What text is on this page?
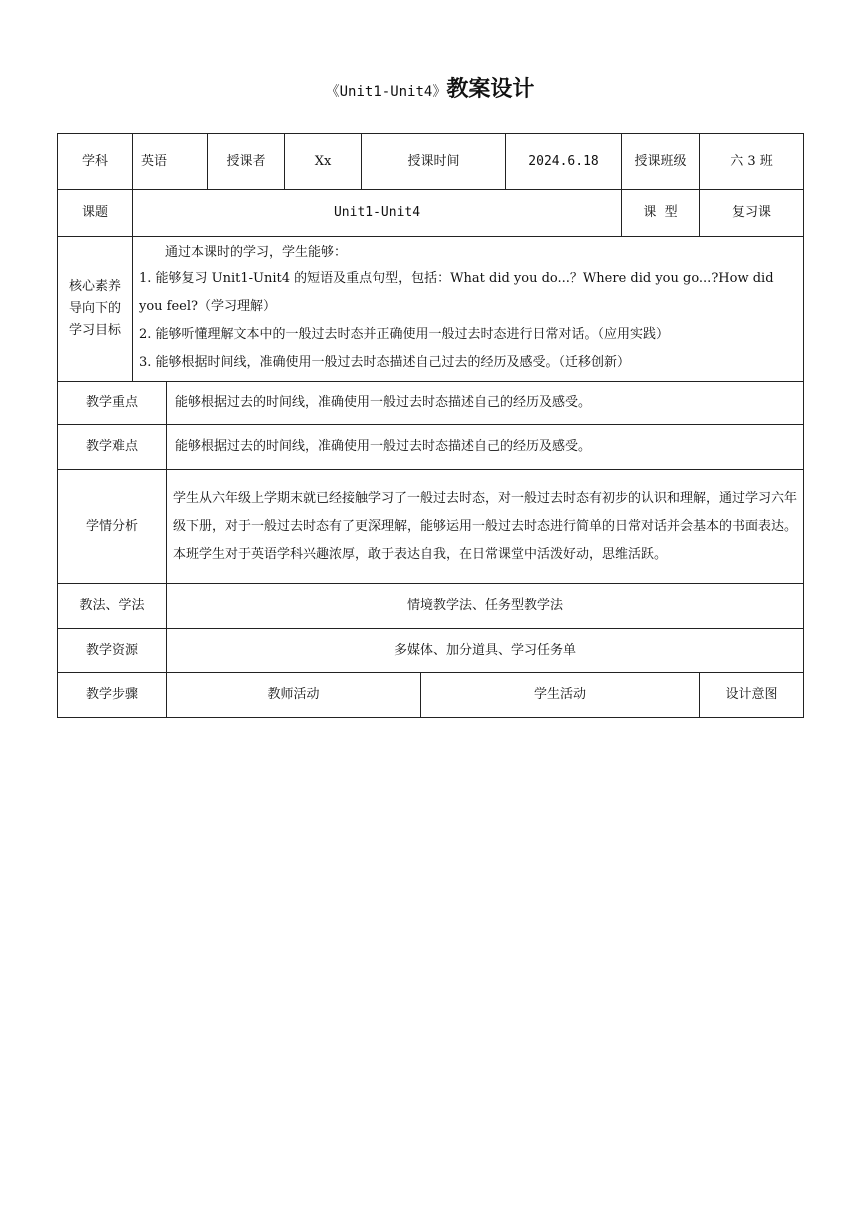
《Unit1-Unit4》教案设计
学科	英语		授课者	Xx	授课时间		2024.6.18	授课班级	六 3 班
课题	Unit1-Unit4							课  型	复习课
核心素养导向下的学习目标	通过本课时的学习，学生能够：

1. 能够复习 Unit1-Unit4 的短语及重点句型，包括：What did you do...？Where did you go...?How did you feel?（学习理解）

2. 能够听懂理解文本中的一般过去时态并正确使用一般过去时态进行日常对话。（应用实践）

3. 能够根据时间线，准确使用一般过去时态描述自己过去的经历及感受。（迁移创新）								

教学重点		能够根据过去的时间线，准确使用一般过去时态描述自己的经历及感受。							
教学难点		能够根据过去的时间线，准确使用一般过去时态描述自己的经历及感受。							
学情分析		学生从六年级上学期末就已经接触学习了一般过去时态，对一般过去时态有初步的认识和理解，通过学习六年级下册，对于一般过去时态有了更深理解，能够运用一般过去时态进行简单的日常对话并会基本的书面表达。本班学生对于英语学科兴趣浓厚，敢于表达自我，在日常课堂中活泼好动，思维活跃。							
教法、学法		情境教学法、任务型教学法							
教学资源		多媒体、加分道具、学习任务单							
教学步骤		教师活动				学生活动			设计意图
